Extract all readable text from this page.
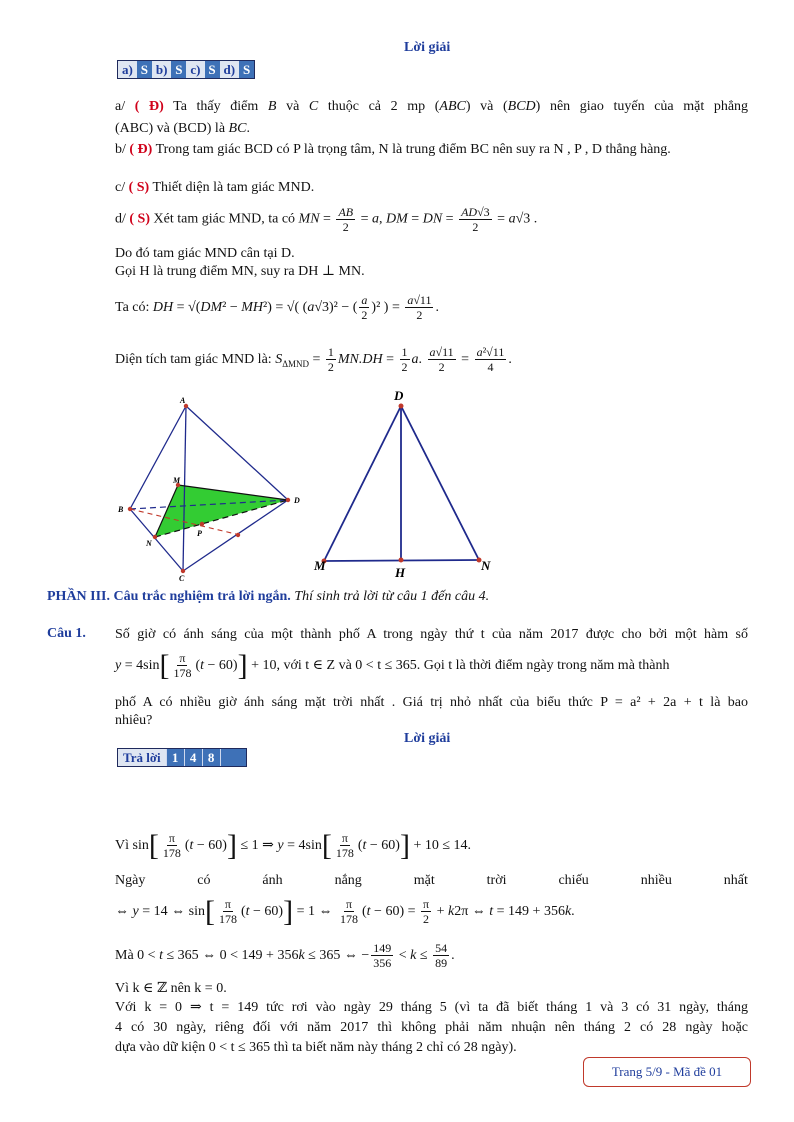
Lời giải
a) S b) S c) S d) S
a/ ( Đ) Ta thấy điểm B và C thuộc cả 2 mp (ABC) và (BCD) nên giao tuyến của mặt phẳng
(ABC) và (BCD) là BC.
b/ ( Đ) Trong tam giác BCD có P là trọng tâm, N là trung điểm BC nên suy ra N , P , D thẳng hàng.
c/ ( S) Thiết diện là tam giác MND.
d/ ( S) Xét tam giác MND, ta có MN = $\frac{AB}{2} = a$, DM = DN = $\frac{AD√3}{2} = a√3$ .
Do đó tam giác MND cân tại D.
Gọi H là trung điểm MN, suy ra DH ⊥ MN.
Ta có: DH = √(DM² − MH²) = √( (a√3)² − ( $\frac{a}{2} )^2$ ) = $\frac{a√11}{2}$ .
Diện tích tam giác MND là: $S_{\Delta MND} = \frac{1}{2} MN.DH = \frac{1}{2} a$. $\frac{a√11}{2} = \frac{\text{a²√11}}{4}$ .
A
B
C
D
M
N
P
D
M	N
H
PHẦN III. Câu trắc nghiệm trả lời ngắn. Thí sinh trả lời từ câu 1 đến câu 4.
Câu 1. Số giờ có ánh sáng của một thành phố A trong ngày thứ t của năm 2017 được cho bởi một hàm số
$y = 4\sin[ \frac{\pi}{178} (t - 60)] + 10$, với t ∈ Z và 0 < t ≤ 365. Gọi t là thời điểm ngày trong năm mà thành
phố A có nhiều giờ ánh sáng mặt trời nhất . Giá trị nhỏ nhất của biểu thức P = a² + 2a + t là bao
nhiêu?
Lời giải
Trả lời 1 4 8
Vì $\sin[ \frac{\pi}{178} (t - 60)] \le 1$ ⇒ $y = 4\sin[ \frac{\pi}{178} (t - 60)] + 10 \le 14$.
Ngày	có	ánh	nắng	mặt	trời	chiếu	nhiều	nhất
⇔ y = 14 ⇔ $\sin[ \frac{\pi}{178} (t - 60)] = 1$ ⇔ $\frac{\pi}{178} (t - 60) = \frac{\pi}{2} + k2\pi$ ⇔ t = 149 + 356k.
Mà 0 < t ≤ 365 ⇔ 0 < 149 + 356k ≤ 365 ⇔ − $\frac{149}{356} < k \le \frac{54}{89}$ .
Vì k ∈ ℤ nên k = 0.
Với k = 0 ⇒ t = 149 tức rơi vào ngày 29 tháng 5 (vì ta đã biết tháng 1 và 3 có 31 ngày, tháng
4 có 30 ngày, riêng đối với năm 2017 thì không phải năm nhuận nên tháng 2 có 28 ngày hoặc
dựa vào dữ kiện 0 < t ≤ 365 thì ta biết năm này tháng 2 chỉ có 28 ngày).
Trang 5/9 - Mã đề 01
